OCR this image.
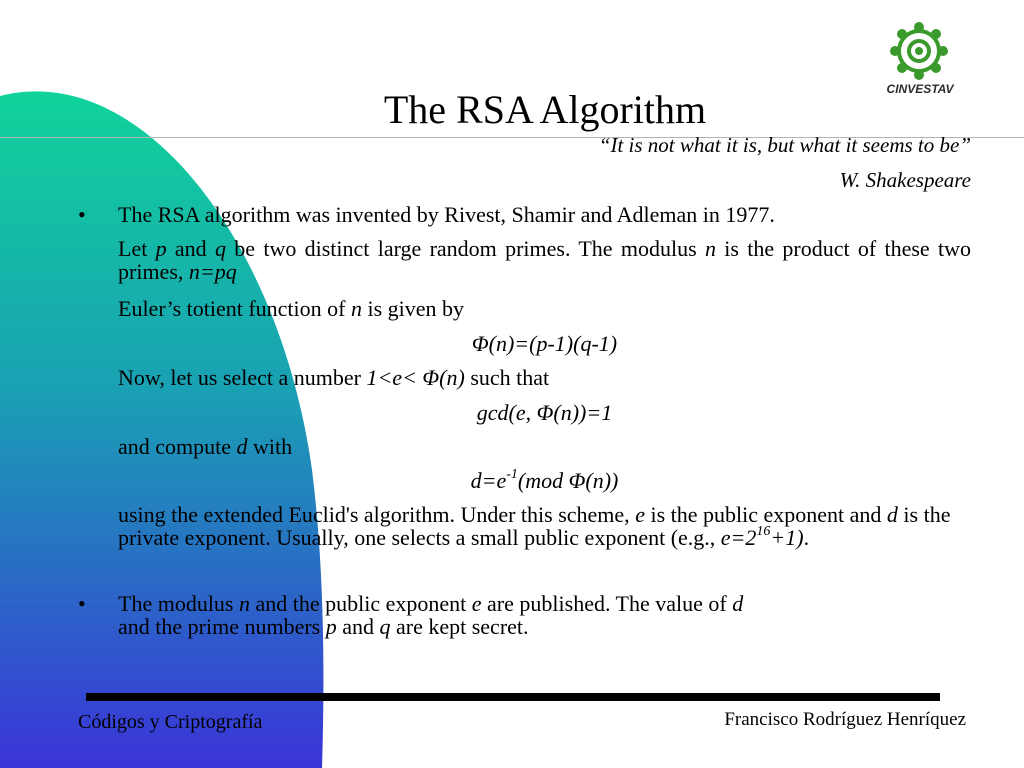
The RSA Algorithm	CINVESTAV
“It is not what it is, but what it seems to be”
W. Shakespeare
• The RSA algorithm was invented by Rivest, Shamir and Adleman in 1977.
Let p and q be two distinct large random primes. The modulus n is the product of these two primes, n=pq
Euler’s totient function of n is given by
Φ(n)=(p-1)(q-1)
Now, let us select a number 1<e< Φ(n) such that
gcd(e, Φ(n))=1
and compute d with
$d=e^{-1}(mod$ Φ(n))
using the extended Euclid's algorithm. Under this scheme, e is the public exponent and d is the private exponent. Usually, one selects a small public exponent (e.g., $e=2^{16}+1$).
• The modulus n and the public exponent e are published. The value of d
and the prime numbers p and q are kept secret.
Códigos y Criptografía	Francisco Rodríguez Henríquez
